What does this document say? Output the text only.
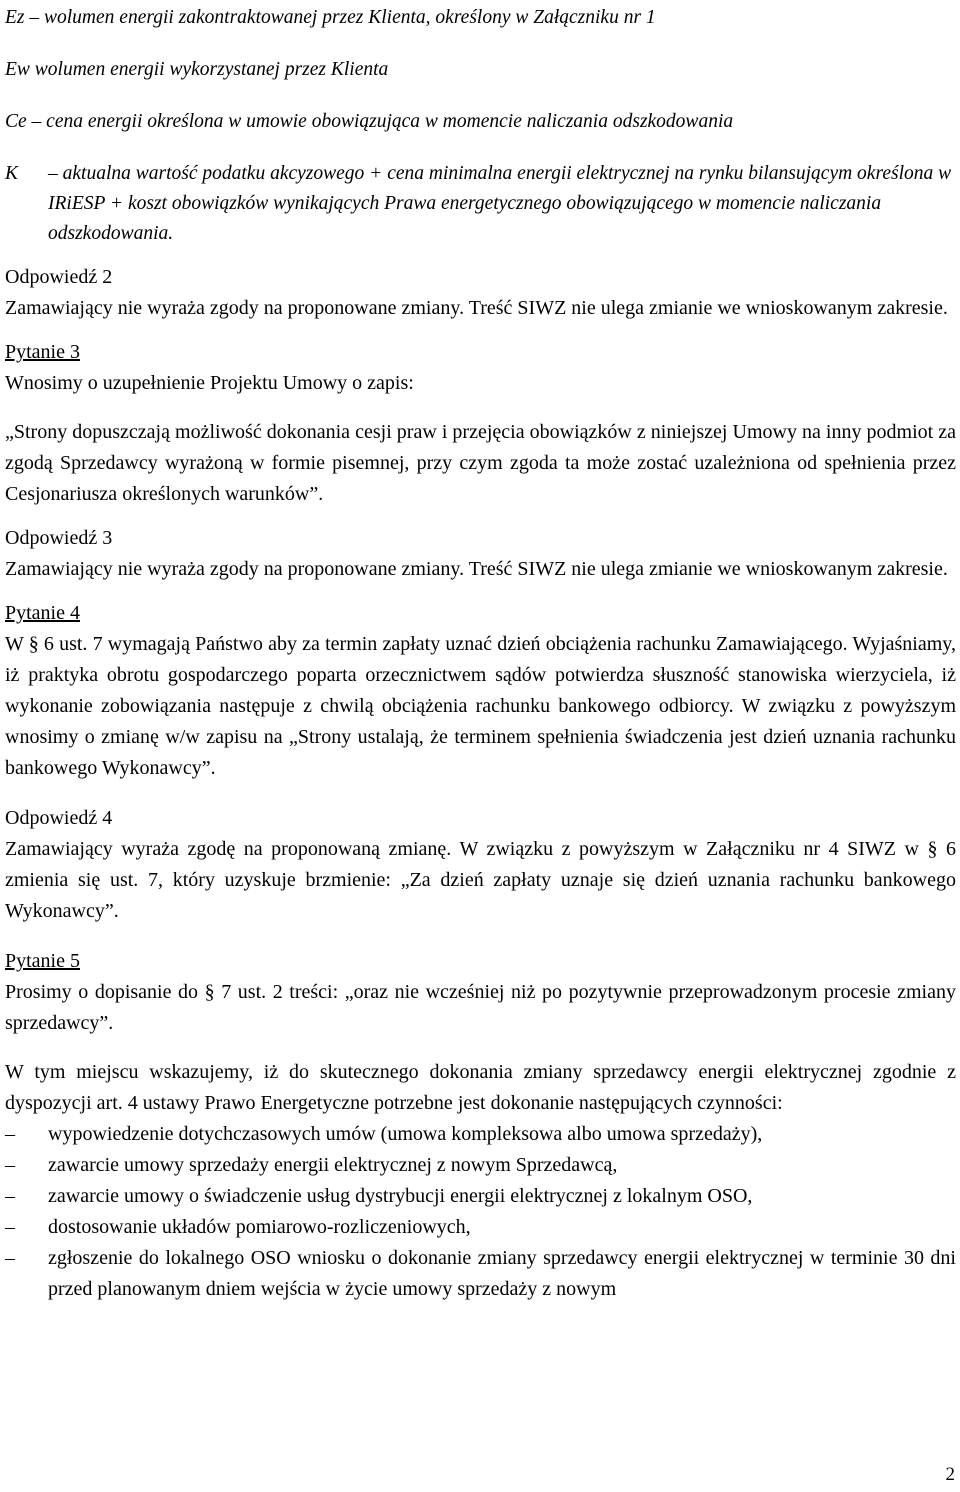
Ez – wolumen energii zakontraktowanej przez Klienta, określony w Załączniku nr 1

Ew wolumen energii wykorzystanej przez Klienta

Ce – cena energii określona w umowie obowiązująca w momencie naliczania odszkodowania

K – aktualna wartość podatku akcyzowego + cena minimalna energii elektrycznej na rynku bilansującym określona w IRiESP + koszt obowiązków wynikających Prawa energetycznego obowiązującego w momencie naliczania odszkodowania.

Odpowiedź 2

Zamawiający nie wyraża zgody na proponowane zmiany. Treść SIWZ nie ulega zmianie we wnioskowanym zakresie.

Pytanie 3

Wnosimy o uzupełnienie Projektu Umowy o zapis:

„Strony dopuszczają możliwość dokonania cesji praw i przejęcia obowiązków z niniejszej Umowy na inny podmiot za zgodą Sprzedawcy wyrażoną w formie pisemnej, przy czym zgoda ta może zostać uzależniona od spełnienia przez Cesjonariusza określonych warunków”.

Odpowiedź 3

Zamawiający nie wyraża zgody na proponowane zmiany. Treść SIWZ nie ulega zmianie we wnioskowanym zakresie.

Pytanie 4

W § 6 ust. 7 wymagają Państwo aby za termin zapłaty uznać dzień obciążenia rachunku Zamawiającego. Wyjaśniamy, iż praktyka obrotu gospodarczego poparta orzecznictwem sądów potwierdza słuszność stanowiska wierzyciela, iż wykonanie zobowiązania następuje z chwilą obciążenia rachunku bankowego odbiorcy. W związku z powyższym wnosimy o zmianę w/w zapisu na „Strony ustalają, że terminem spełnienia świadczenia jest dzień uznania rachunku bankowego Wykonawcy”.

Odpowiedź 4

Zamawiający wyraża zgodę na proponowaną zmianę. W związku z powyższym w Załączniku nr 4 SIWZ w § 6 zmienia się ust. 7, który uzyskuje brzmienie: „Za dzień zapłaty uznaje się dzień uznania rachunku bankowego Wykonawcy”.

Pytanie 5

Prosimy o dopisanie do § 7 ust. 2 treści: „oraz nie wcześniej niż po pozytywnie przeprowadzonym procesie zmiany sprzedawcy”.

W tym miejscu wskazujemy, iż do skutecznego dokonania zmiany sprzedawcy energii elektrycznej zgodnie z dyspozycji art. 4 ustawy Prawo Energetyczne potrzebne jest dokonanie następujących czynności:

–	wypowiedzenie dotychczasowych umów (umowa kompleksowa albo umowa sprzedaży),
–	zawarcie umowy sprzedaży energii elektrycznej z nowym Sprzedawcą,
–	zawarcie umowy o świadczenie usług dystrybucji energii elektrycznej z lokalnym OSO,
–	dostosowanie układów pomiarowo-rozliczeniowych,
–	zgłoszenie do lokalnego OSO wniosku o dokonanie zmiany sprzedawcy energii elektrycznej w terminie 30 dni przed planowanym dniem wejścia w życie umowy sprzedaży z nowym
2
